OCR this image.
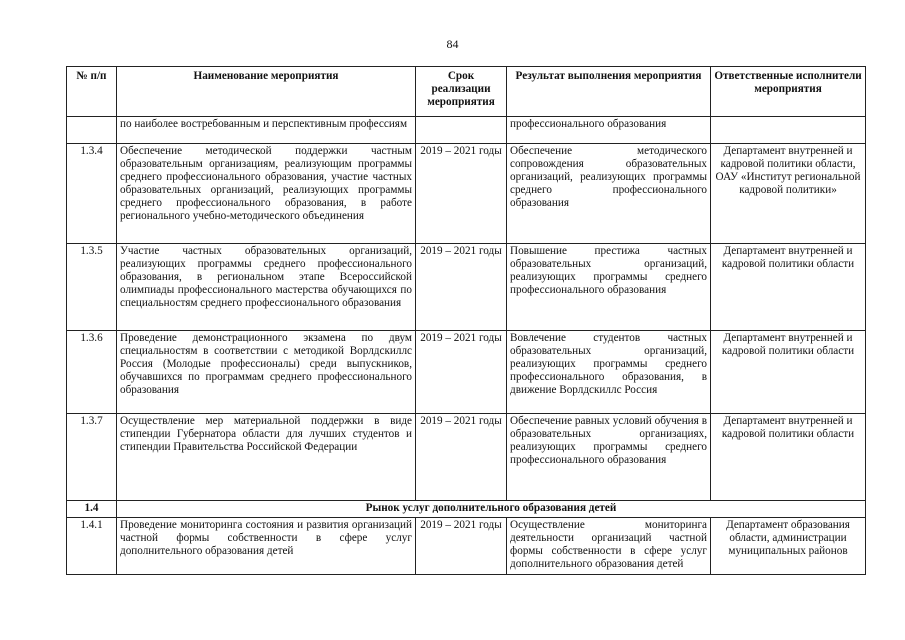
84
№ п/п	Наименование мероприятия	Срок реализации мероприятия	Результат выполнения мероприятия	Ответственные исполнители мероприятия
	по наиболее востребованным и перспективным профессиям		профессионального образования	
1.3.4	Обеспечение методической поддержки частным образовательным организациям, реализующим программы среднего профессионального образования, участие частных образовательных организаций, реализующих программы среднего профессионального образования, в работе регионального учебно-методического объединения	2019 – 2021 годы	Обеспечение методического сопровождения образовательных организаций, реализующих программы среднего профессионального образования	Департамент внутренней и кадровой политики области, ОАУ «Институт региональной кадровой политики»
1.3.5	Участие частных образовательных организаций, реализующих программы среднего профессионального образования, в региональном этапе Всероссийской олимпиады профессионального мастерства обучающихся по специальностям среднего профессионального образования	2019 – 2021 годы	Повышение престижа частных образовательных организаций, реализующих программы среднего профессионального образования	Департамент внутренней и кадровой политики области
1.3.6	Проведение демонстрационного экзамена по двум специальностям в соответствии с методикой Ворлдскиллс Россия (Молодые профессионалы) среди выпускников, обучавшихся по программам среднего профессионального образования	2019 – 2021 годы	Вовлечение студентов частных образовательных организаций, реализующих программы среднего профессионального образования, в движение Ворлдскиллс Россия	Департамент внутренней и кадровой политики области
1.3.7	Осуществление мер материальной поддержки в виде стипендии Губернатора области для лучших студентов и стипендии Правительства Российской Федерации	2019 – 2021 годы	Обеспечение равных условий обучения в образовательных организациях, реализующих программы среднего профессионального образования	Департамент внутренней и кадровой политики области
1.4	Рынок услуг дополнительного образования детей			
1.4.1	Проведение мониторинга состояния и развития организаций частной формы собственности в сфере услуг дополнительного образования детей	2019 – 2021 годы	Осуществление мониторинга деятельности организаций частной формы собственности в сфере услуг дополнительного образования детей	Департамент образования области, администрации муниципальных районов
